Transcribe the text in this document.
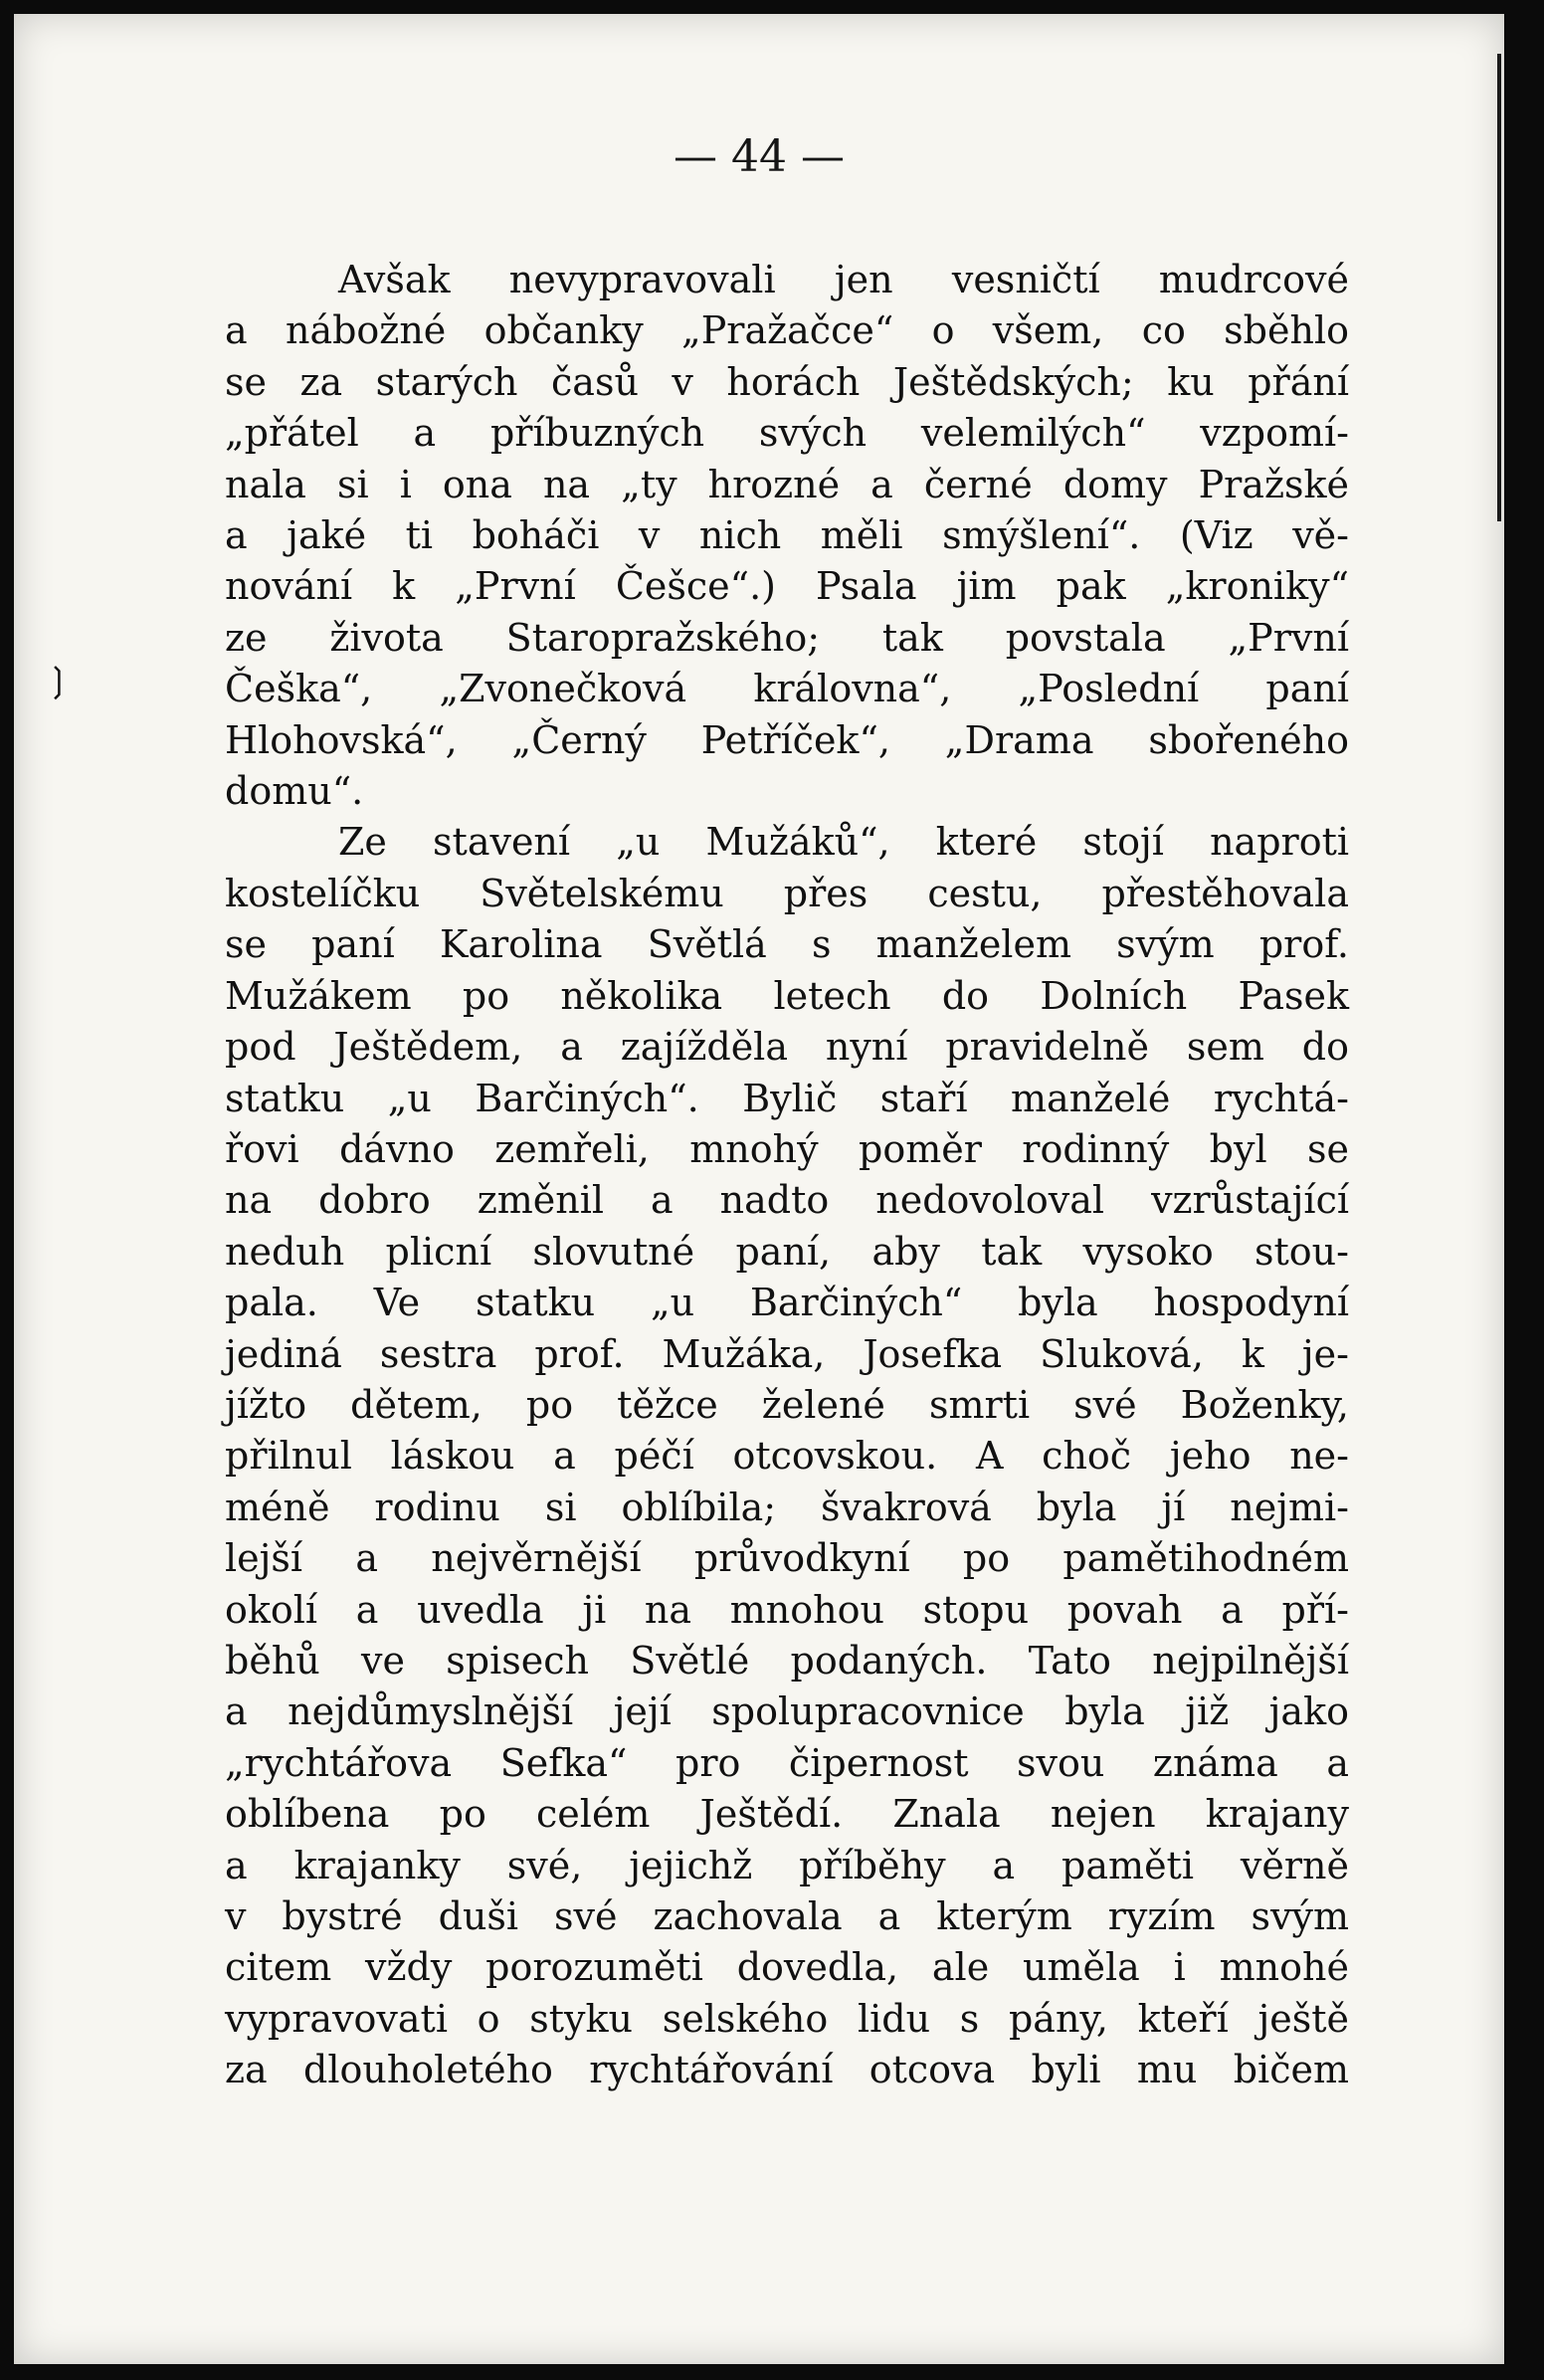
❳
— 44 —
Avšak nevypravovali jen vesničtí mudrcové
a nábožné občanky „Pražačce“ o všem, co sběhlo
se za starých časů v horách Ještědských; ku přání
„přátel a příbuzných svých velemilých“ vzpomí-
nala si i ona na „ty hrozné a černé domy Pražské
a jaké ti boháči v nich měli smýšlení“. (Viz vě-
nování k „První Češce“.) Psala jim pak „kroniky“
ze života Staropražského; tak povstala „První
Češka“, „Zvonečková královna“, „Poslední paní
Hlohovská“, „Černý Petříček“, „Drama sbořeného
domu“.
Ze stavení „u Mužáků“, které stojí naproti
kostelíčku Světelskému přes cestu, přestěhovala
se paní Karolina Světlá s manželem svým prof.
Mužákem po několika letech do Dolních Pasek
pod Ještědem, a zajížděla nyní pravidelně sem do
statku „u Barčiných“. Bylič staří manželé rychtá-
řovi dávno zemřeli, mnohý poměr rodinný byl se
na dobro změnil a nadto nedovoloval vzrůstající
neduh plicní slovutné paní, aby tak vysoko stou-
pala. Ve statku „u Barčiných“ byla hospodyní
jediná sestra prof. Mužáka, Josefka Sluková, k je-
jížto dětem, po těžce želené smrti své Boženky,
přilnul láskou a péčí otcovskou. A choč jeho ne-
méně rodinu si oblíbila; švakrová byla jí nejmi-
lejší a nejvěrnější průvodkyní po pamětihodném
okolí a uvedla ji na mnohou stopu povah a pří-
běhů ve spisech Světlé podaných. Tato nejpilnější
a nejdůmyslnější její spolupracovnice byla již jako
„rychtářova Sefka“ pro čipernost svou známa a
oblíbena po celém Ještědí. Znala nejen krajany
a krajanky své, jejichž příběhy a paměti věrně
v bystré duši své zachovala a kterým ryzím svým
citem vždy porozuměti dovedla, ale uměla i mnohé
vypravovati o styku selského lidu s pány, kteří ještě
za dlouholetého rychtářování otcova byli mu bičem
